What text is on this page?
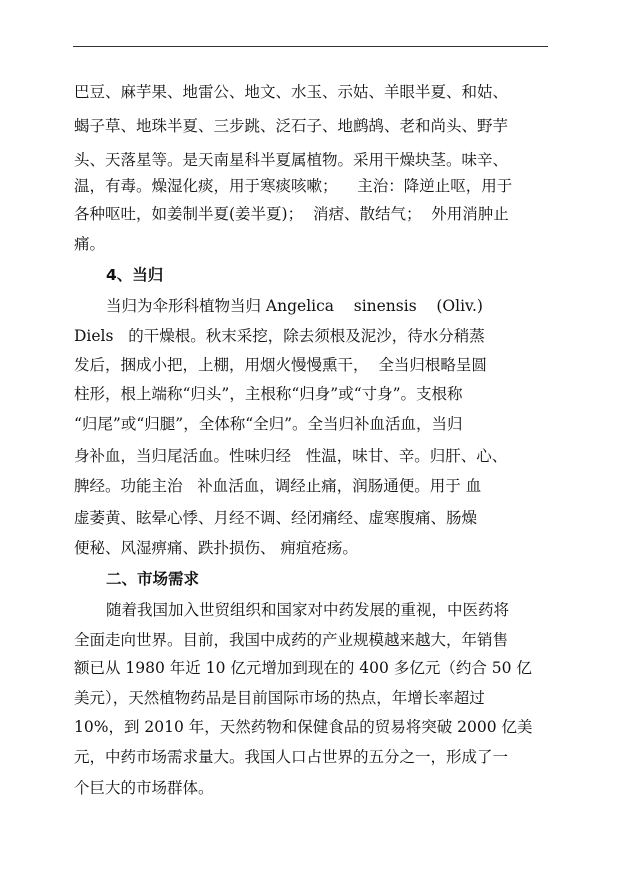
巴豆、麻芋果、地雷公、地文、水玉、示姑、羊眼半夏、和姑、
蝎子草、地珠半夏、三步跳、泛石子、地鹧鸪、老和尚头、野芋
头、天落星等。是天南星科半夏属植物。采用干燥块茎。味辛、
温，有毒。燥湿化痰，用于寒痰咳嗽；    主治：降逆止呕，用于
各种呕吐，如姜制半夏(姜半夏)；  消痞、散结气；  外用消肿止
痛。
4、当归
当归为伞形科植物当归 Angelica    sinensis    (Oliv.)
Diels   的干燥根。秋末采挖，除去须根及泥沙，待水分稍蒸
发后，捆成小把，上棚，用烟火慢慢熏干，  全当归根略呈圆
柱形，根上端称“归头”，主根称“归身”或“寸身”。支根称
“归尾”或“归腿”，全体称“全归”。全当归补血活血，当归
身补血，当归尾活血。性味归经   性温，味甘、辛。归肝、心、
脾经。功能主治   补血活血，调经止痛，润肠通便。用于 血
虚萎黄、眩晕心悸、月经不调、经闭痛经、虚寒腹痛、肠燥
便秘、风湿痹痛、跌扑损伤、 痈疽疮疡。
二、市场需求
随着我国加入世贸组织和国家对中药发展的重视，中医药将
全面走向世界。目前，我国中成药的产业规模越来越大，年销售
额已从 1980 年近 10 亿元增加到现在的 400 多亿元（约合 50 亿
美元），天然植物药品是目前国际市场的热点，年增长率超过
10%，到 2010 年，天然药物和保健食品的贸易将突破 2000 亿美
元，中药市场需求量大。我国人口占世界的五分之一，形成了一
个巨大的市场群体。
